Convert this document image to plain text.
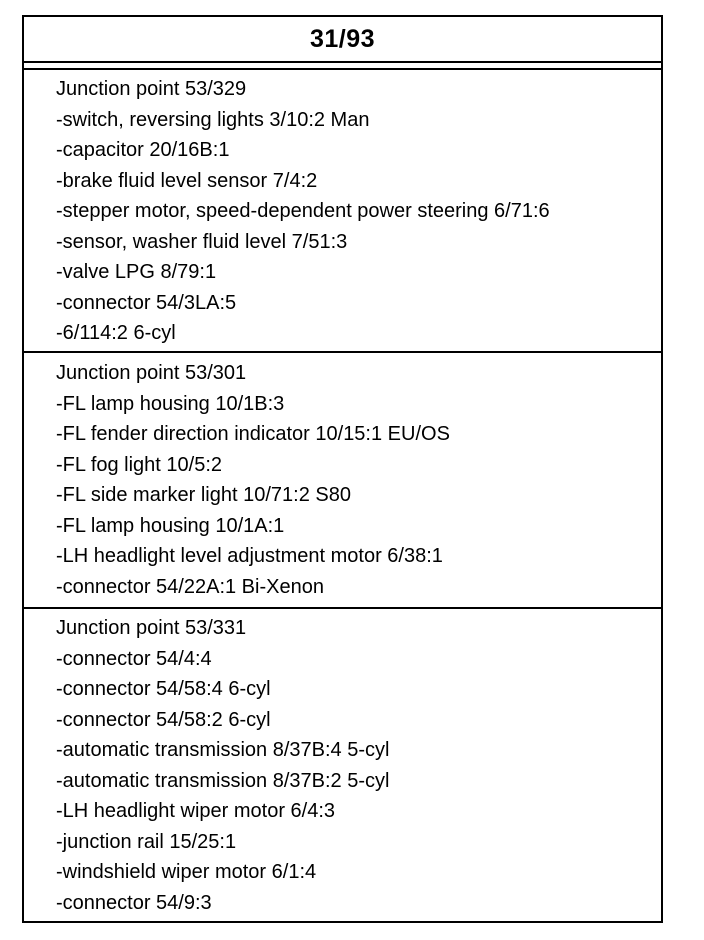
31/93
Junction point 53/329
-switch, reversing lights 3/10:2 Man
-capacitor 20/16B:1
-brake fluid level sensor 7/4:2
-stepper motor, speed-dependent power steering 6/71:6
-sensor, washer fluid level 7/51:3
-valve LPG 8/79:1
-connector 54/3LA:5
-6/114:2 6-cyl
Junction point 53/301
-FL lamp housing 10/1B:3
-FL fender direction indicator 10/15:1 EU/OS
-FL fog light 10/5:2
-FL side marker light 10/71:2 S80
-FL lamp housing 10/1A:1
-LH headlight level adjustment motor 6/38:1
-connector 54/22A:1 Bi-Xenon
Junction point 53/331
-connector 54/4:4
-connector 54/58:4 6-cyl
-connector 54/58:2 6-cyl
-automatic transmission 8/37B:4 5-cyl
-automatic transmission 8/37B:2 5-cyl
-LH headlight wiper motor 6/4:3
-junction rail 15/25:1
-windshield wiper motor 6/1:4
-connector 54/9:3
